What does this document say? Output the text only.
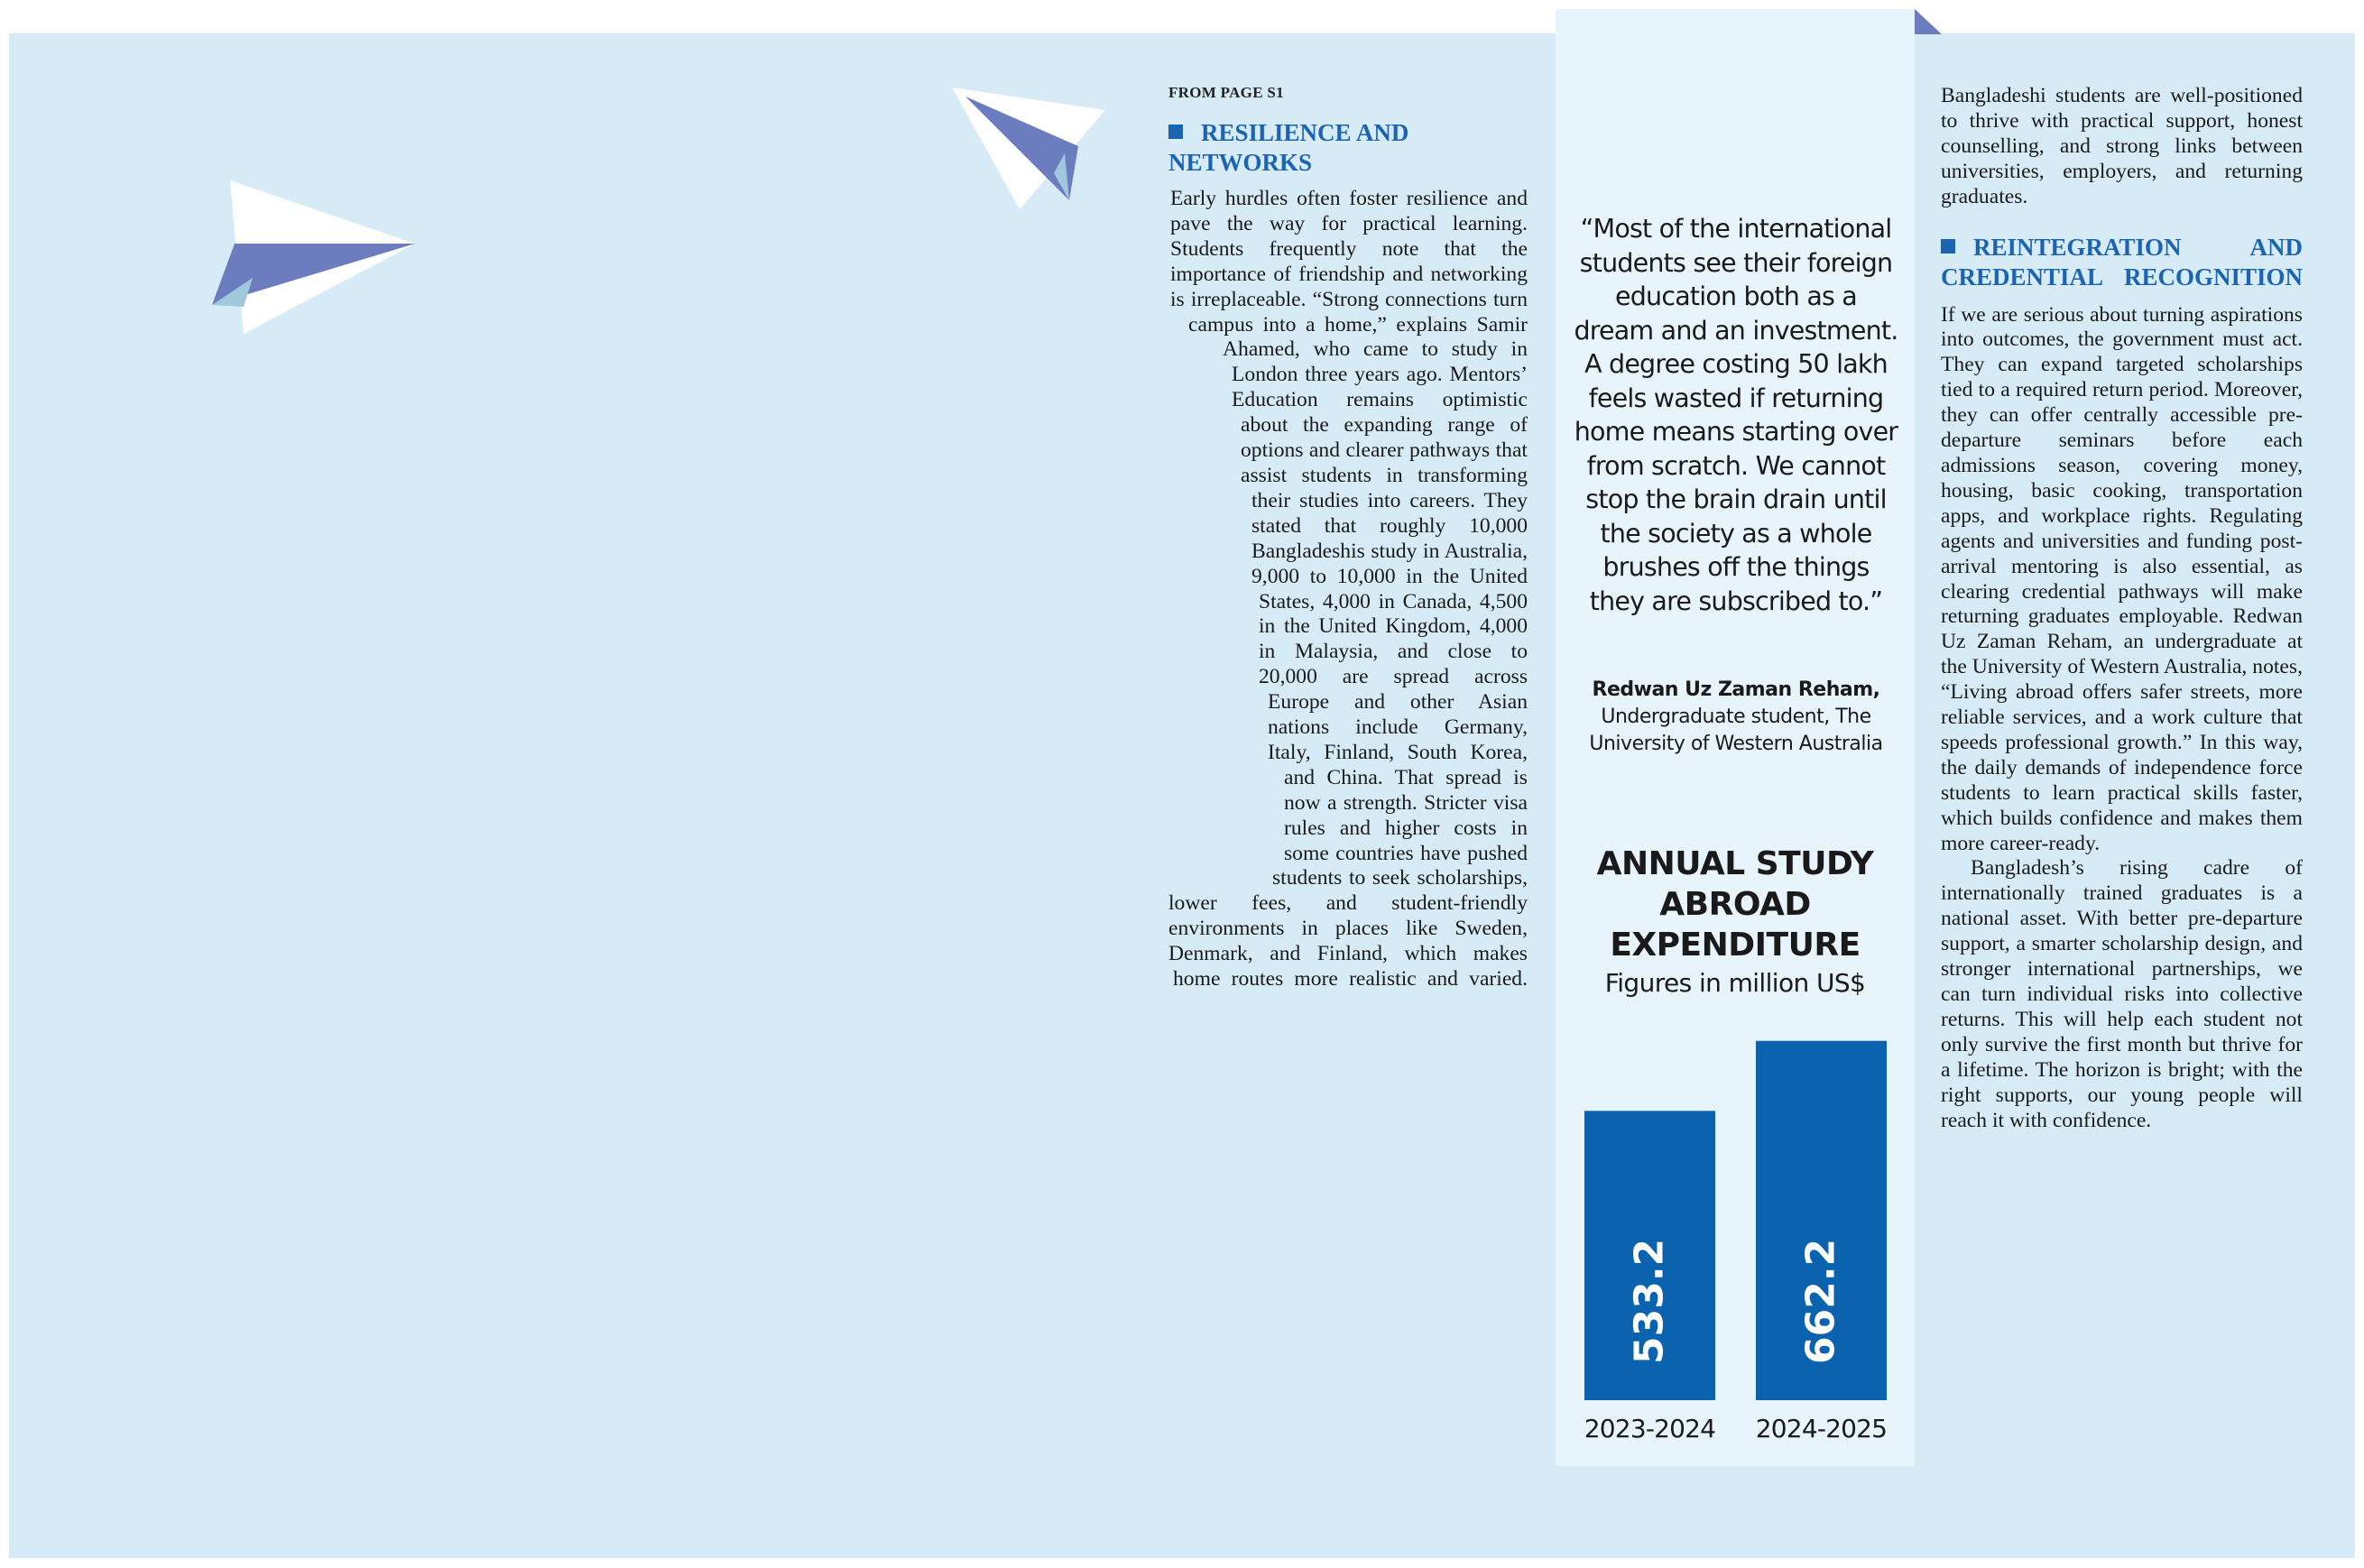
FROM PAGE S1
RESILIENCE AND NETWORKS

Early hurdles often foster resilience and pave the way for practical learning. Students frequently note that the importance of friendship and networking is irreplaceable. “Strong connections turn campus into a home,” explains Samir Ahamed, who came to study in London three years ago. Mentors’ Education remains optimistic about the expanding range of options and clearer pathways that assist students in transforming their studies into careers. They stated that roughly 10,000 Bangladeshis study in Australia, 9,000 to 10,000 in the United States, 4,000 in Canada, 4,500 in the United Kingdom, 4,000 in Malaysia, and close to 20,000 are spread across Europe and other Asian nations include Germany, Italy, Finland, South Korea, and China. That spread is now a strength. Stricter visa rules and higher costs in some countries have pushed students to seek scholarships, lower fees, and student-friendly environments in places like Sweden, Denmark, and Finland, which makes home routes more realistic and varied.

“Most of the international students see their foreign education both as a dream and an investment. A degree costing 50 lakh feels wasted if returning home means starting over from scratch. We cannot stop the brain drain until the society as a whole brushes off the things they are subscribed to.”
Redwan Uz Zaman Reham, Undergraduate student, The University of Western Australia
ANNUAL STUDY ABROAD EXPENDITURE
Figures in million US$
533.2
2023-2024
662.2
2024-2025

Bangladeshi students are well-positioned to thrive with practical support, honest counselling, and strong links between universities, employers, and returning graduates.

REINTEGRATION AND CREDENTIAL RECOGNITION

If we are serious about turning aspirations into outcomes, the government must act. They can expand targeted scholarships tied to a required return period. Moreover, they can offer centrally accessible pre-departure seminars before each admissions season, covering money, housing, basic cooking, transportation apps, and workplace rights. Regulating agents and universities and funding post-arrival mentoring is also essential, as clearing credential pathways will make returning graduates employable. Redwan Uz Zaman Reham, an undergraduate at the University of Western Australia, notes, “Living abroad offers safer streets, more reliable services, and a work culture that speeds professional growth.” In this way, the daily demands of independence force students to learn practical skills faster, which builds confidence and makes them more career-ready.

Bangladesh’s rising cadre of internationally trained graduates is a national asset. With better pre-departure support, a smarter scholarship design, and stronger international partnerships, we can turn individual risks into collective returns. This will help each student not only survive the first month but thrive for a lifetime. The horizon is bright; with the right supports, our young people will reach it with confidence.
